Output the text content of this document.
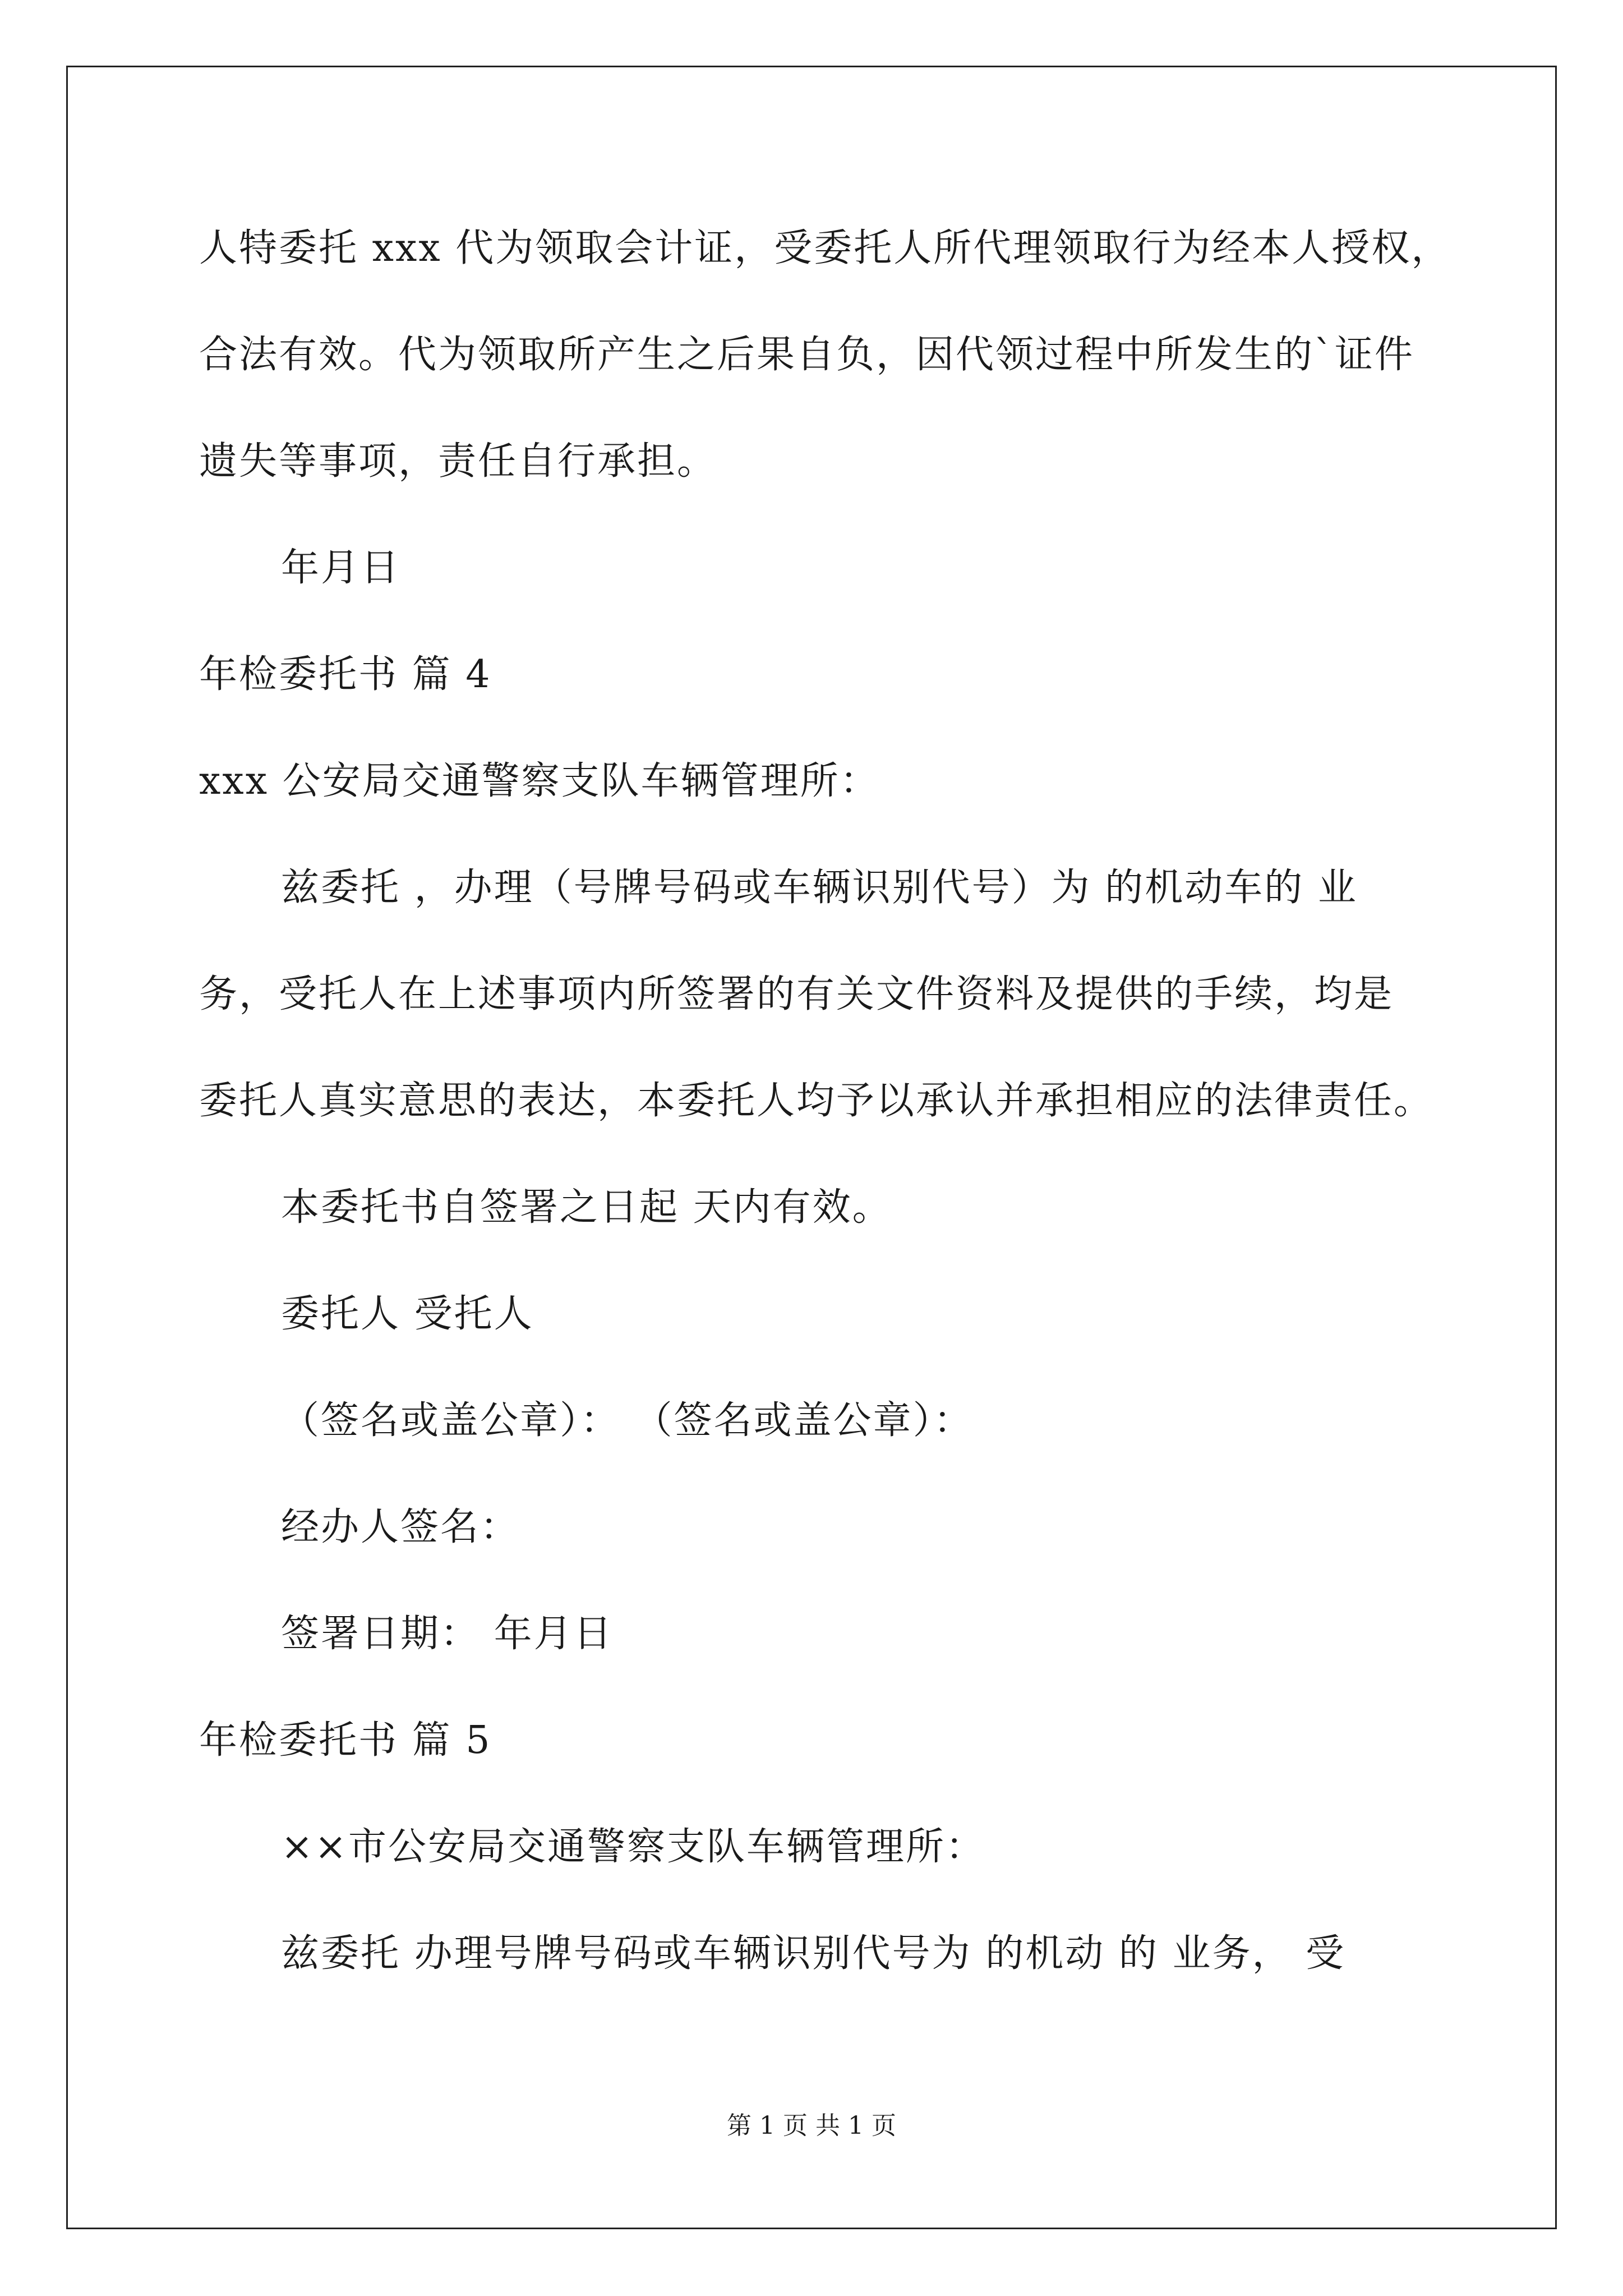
人特委托 xxx 代为领取会计证，受委托人所代理领取行为经本人授权，
合法有效。代为领取所产生之后果自负，因代领过程中所发生的`证件
遗失等事项，责任自行承担。
年月日
年检委托书 篇 4
xxx 公安局交通警察支队车辆管理所：
兹委托 ，办理（号牌号码或车辆识别代号）为 的机动车的 业
务，受托人在上述事项内所签署的有关文件资料及提供的手续，均是
委托人真实意思的表达，本委托人均予以承认并承担相应的法律责任。
本委托书自签署之日起 天内有效。
委托人 受托人
（签名或盖公章）： （签名或盖公章）：
经办人签名：
签署日期： 年月日
年检委托书 篇 5
××市公安局交通警察支队车辆管理所：
兹委托 办理号牌号码或车辆识别代号为 的机动 的 业务， 受
第 1 页 共 1 页
